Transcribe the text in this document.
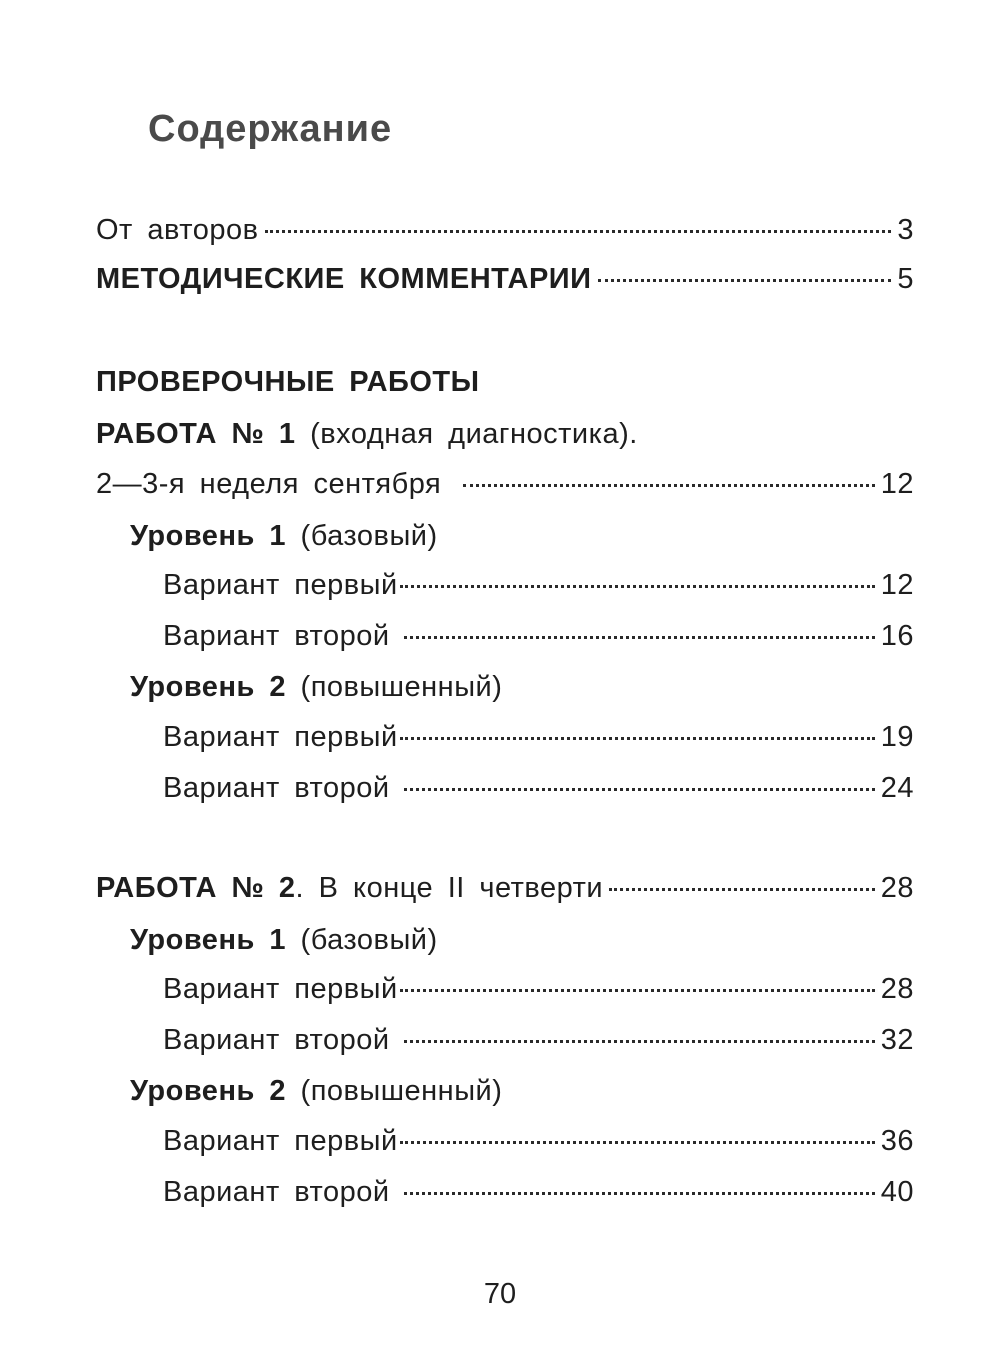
Содержание
От авторов	3
МЕТОДИЧЕСКИЕ КОММЕНТАРИИ	5
ПРОВЕРОЧНЫЕ РАБОТЫ
РАБОТА № 1 (входная диагностика).
2—3-я неделя сентября	12
Уровень 1 (базовый)
Вариант первый	12
Вариант второй	16
Уровень 2 (повышенный)
Вариант первый	19
Вариант второй	24
РАБОТА № 2. В конце II четверти	28
Уровень 1 (базовый)
Вариант первый	28
Вариант второй	32
Уровень 2 (повышенный)
Вариант первый	36
Вариант второй	40
70
